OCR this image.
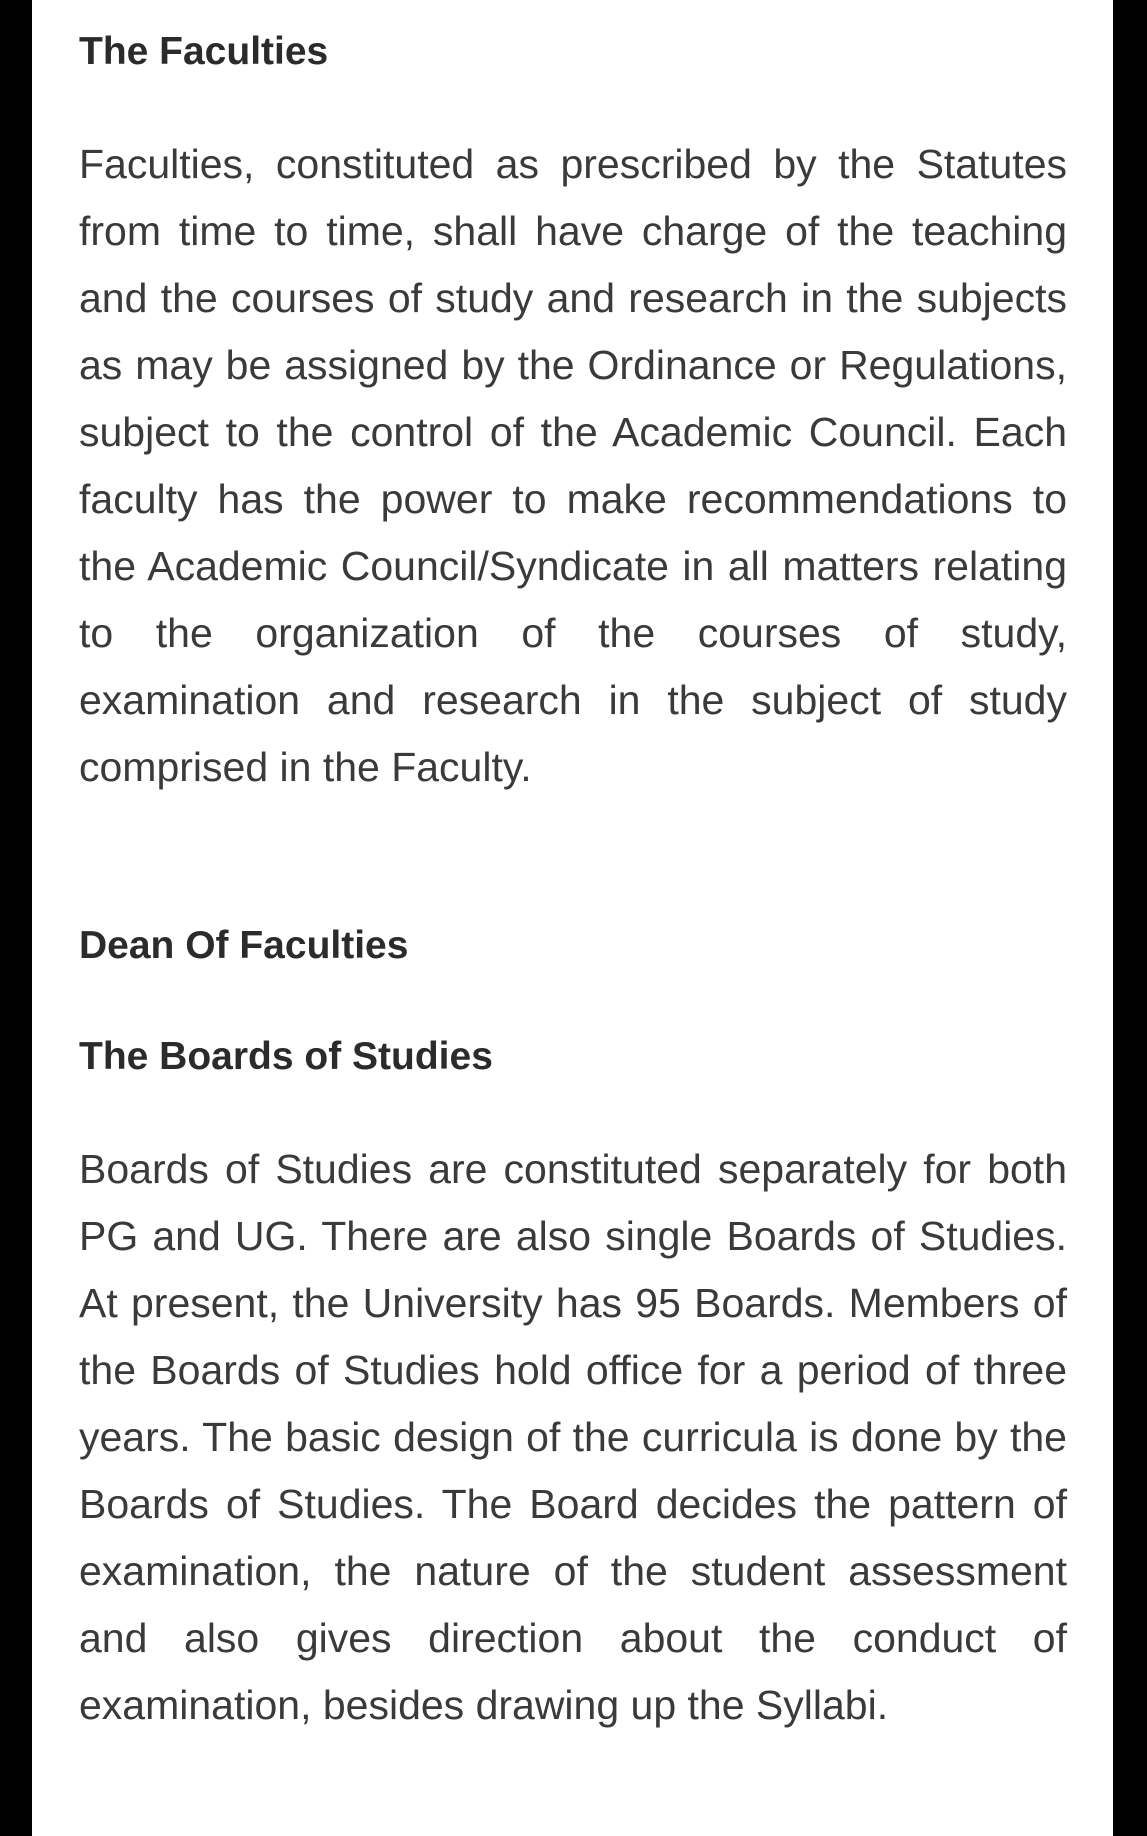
The Faculties

Faculties, constituted as prescribed by the Statutes from time to time, shall have charge of the teaching and the courses of study and research in the subjects as may be assigned by the Ordinance or Regulations, subject to the control of the Academic Council. Each faculty has the power to make recommendations to the Academic Council/Syndicate in all matters relating to the organization of the courses of study, examination and research in the subject of study comprised in the Faculty.

Dean Of Faculties
The Boards of Studies

Boards of Studies are constituted separately for both PG and UG. There are also single Boards of Studies. At present, the University has 95 Boards. Members of the Boards of Studies hold office for a period of three years. The basic design of the curricula is done by the Boards of Studies. The Board decides the pattern of examination, the nature of the student assessment and also gives direction about the conduct of examination, besides drawing up the Syllabi.
